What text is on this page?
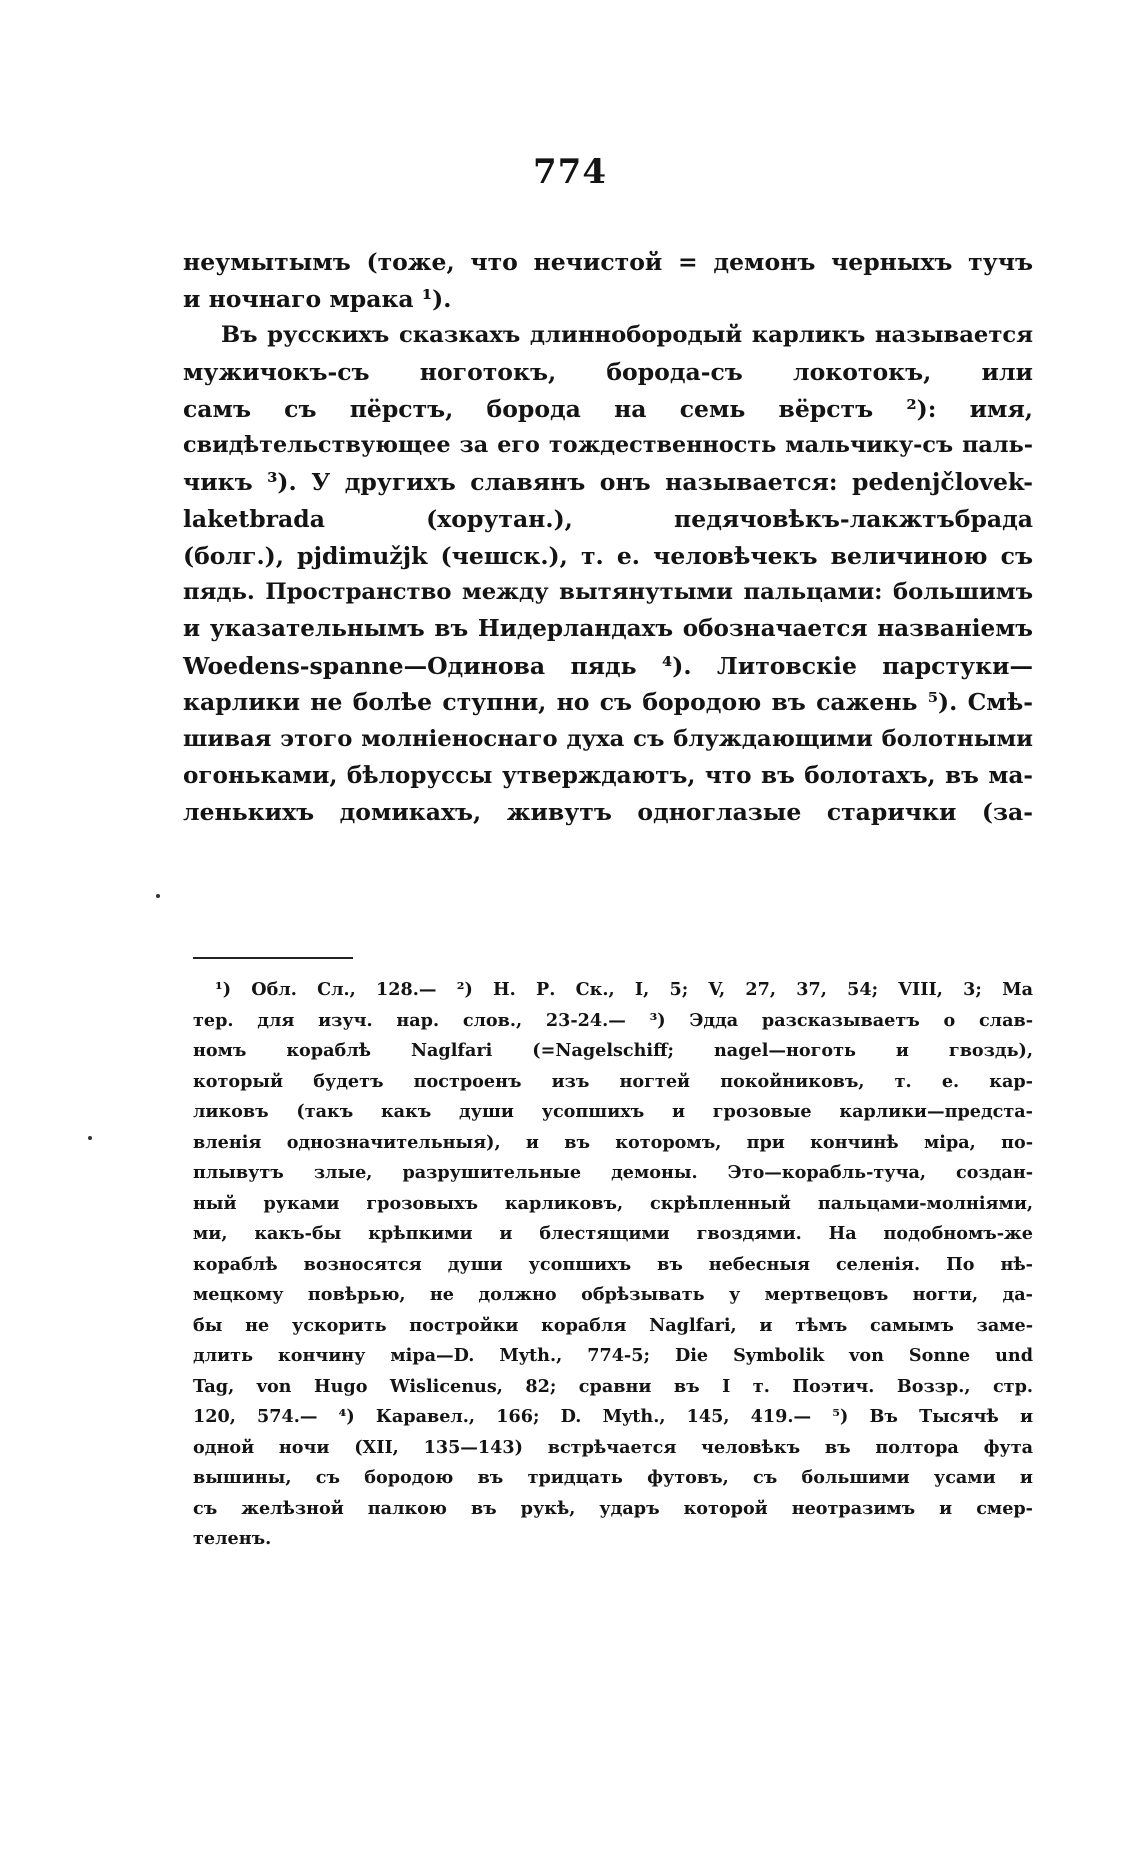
774
неумытымъ (тоже, что нечистой = демонъ черныхъ тучъ
и ночнаго мрака ¹).
Въ русскихъ сказкахъ длиннобородый карликъ называется
мужичокъ-съ ноготокъ, борода-съ локотокъ, или
самъ съ пёрстъ, борода на семь вёрстъ ²): имя,
свидѣтельствующее за его тождественность мальчику-съ паль-
чикъ ³). У другихъ славянъ онъ называется: pedenjčlovek-
laketbrada (хорутан.), педячовѣкъ-лакжтъбрада
(болг.), pjdimužjk (чешск.), т. е. человѣчекъ величиною съ
пядь. Пространство между вытянутыми пальцами: большимъ
и указательнымъ въ Нидерландахъ обозначается названіемъ
Woedens-spanne—Одинова пядь ⁴). Литовскіе парстуки—
карлики не болѣе ступни, но съ бородою въ сажень ⁵). Смѣ-
шивая этого молніеноснаго духа съ блуждающими болотными
огоньками, бѣлоруссы утверждаютъ, что въ болотахъ, въ ма-
ленькихъ домикахъ, живутъ одноглазые старички (за-
¹) Обл. Сл., 128.— ²) Н. Р. Ск., I, 5; V, 27, 37, 54; VIII, 3; Ма
тер. для изуч. нар. слов., 23-24.— ³) Эдда разсказываетъ о слав-
номъ кораблѣ Naglfari (=Nagelschiff; nagel—ноготь и гвоздь),
который будетъ построенъ изъ ногтей покойниковъ, т. е. кар-
ликовъ (такъ какъ души усопшихъ и грозовые карлики—предста-
вленія однозначительныя), и въ которомъ, при кончинѣ міра, по-
плывутъ злые, разрушительные демоны. Это—корабль-туча, создан-
ный руками грозовыхъ карликовъ, скрѣпленный пальцами-молніями,
ми, какъ-бы крѣпкими и блестящими гвоздями. На подобномъ-же
кораблѣ возносятся души усопшихъ въ небесныя селенія. По нѣ-
мецкому повѣрью, не должно обрѣзывать у мертвецовъ ногти, да-
бы не ускорить постройки корабля Naglfari, и тѣмъ самымъ заме-
длить кончину міра—D. Myth., 774-5; Die Symbolik von Sonne und
Tag, von Hugo Wislicenus, 82; сравни въ I т. Поэтич. Воззр., стр.
120, 574.— ⁴) Каравел., 166; D. Myth., 145, 419.— ⁵) Въ Тысячѣ и
одной ночи (XII, 135—143) встрѣчается человѣкъ въ полтора фута
вышины, съ бородою въ тридцать футовъ, съ большими усами и
съ желѣзной палкою въ рукѣ, ударъ которой неотразимъ и смер-
теленъ.
